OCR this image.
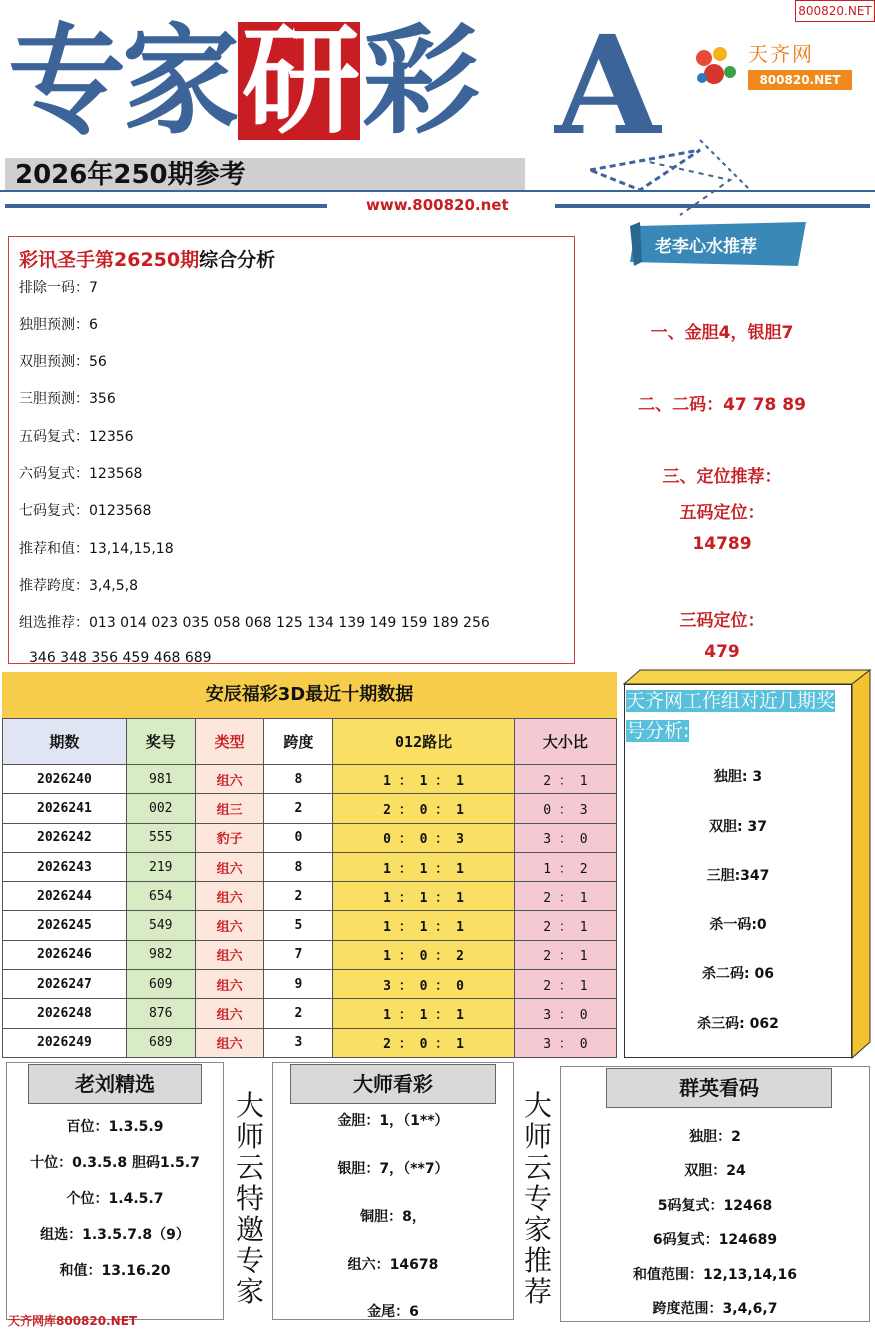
800820.NET
专家 研 彩 A	天齐网
800820.NET
2026年250期参考
www.800820.net
彩讯圣手第26250期综合分析
排除一码：7
独胆预测：6
双胆预测：56
三胆预测：356
五码复式：12356
六码复式：123568
七码复式：0123568
推荐和值：13,14,15,18
推荐跨度：3,4,5,8
组选推荐：013 014 023 035 058 068 125 134 139 149 159 189 256
346 348 356 459 468 689
老李心水推荐
一、金胆4，银胆7
二、二码：47 78 89
三、定位推荐：
五码定位：
14789
三码定位：
479
安辰福彩3D最近十期数据
期数	奖号	类型	跨度	012路比	大小比
2026240	981	组六	8	1 ： 1 ： 1	2 ： 1
2026241	002	组三	2	2 ： 0 ： 1	0 ： 3
2026242	555	豹子	0	0 ： 0 ： 3	3 ： 0
2026243	219	组六	8	1 ： 1 ： 1	1 ： 2
2026244	654	组六	2	1 ： 1 ： 1	2 ： 1
2026245	549	组六	5	1 ： 1 ： 1	2 ： 1
2026246	982	组六	7	1 ： 0 ： 2	2 ： 1
2026247	609	组六	9	3 ： 0 ： 0	2 ： 1
2026248	876	组六	2	1 ： 1 ： 1	3 ： 0
2026249	689	组六	3	2 ： 0 ： 1	3 ： 0
天齐网工作组对近几期奖号分析:
独胆: 3
双胆: 37
三胆:347
杀一码:0
杀二码: 06
杀三码: 062
老刘精选
百位：1.3.5.9
十位：0.3.5.8 胆码1.5.7
个位：1.4.5.7
组选：1.3.5.7.8（9）
和值：13.16.20
大师云特邀专家
大师看彩
金胆：1，（1**）
银胆：7，（**7）
铜胆：8，
组六：14678
金尾：6
大师云专家推荐
群英看码
独胆：2
双胆：24
5码复式：12468
6码复式：124689
和值范围：12,13,14,16
跨度范围：3,4,6,7
天齐网库800820.NET
